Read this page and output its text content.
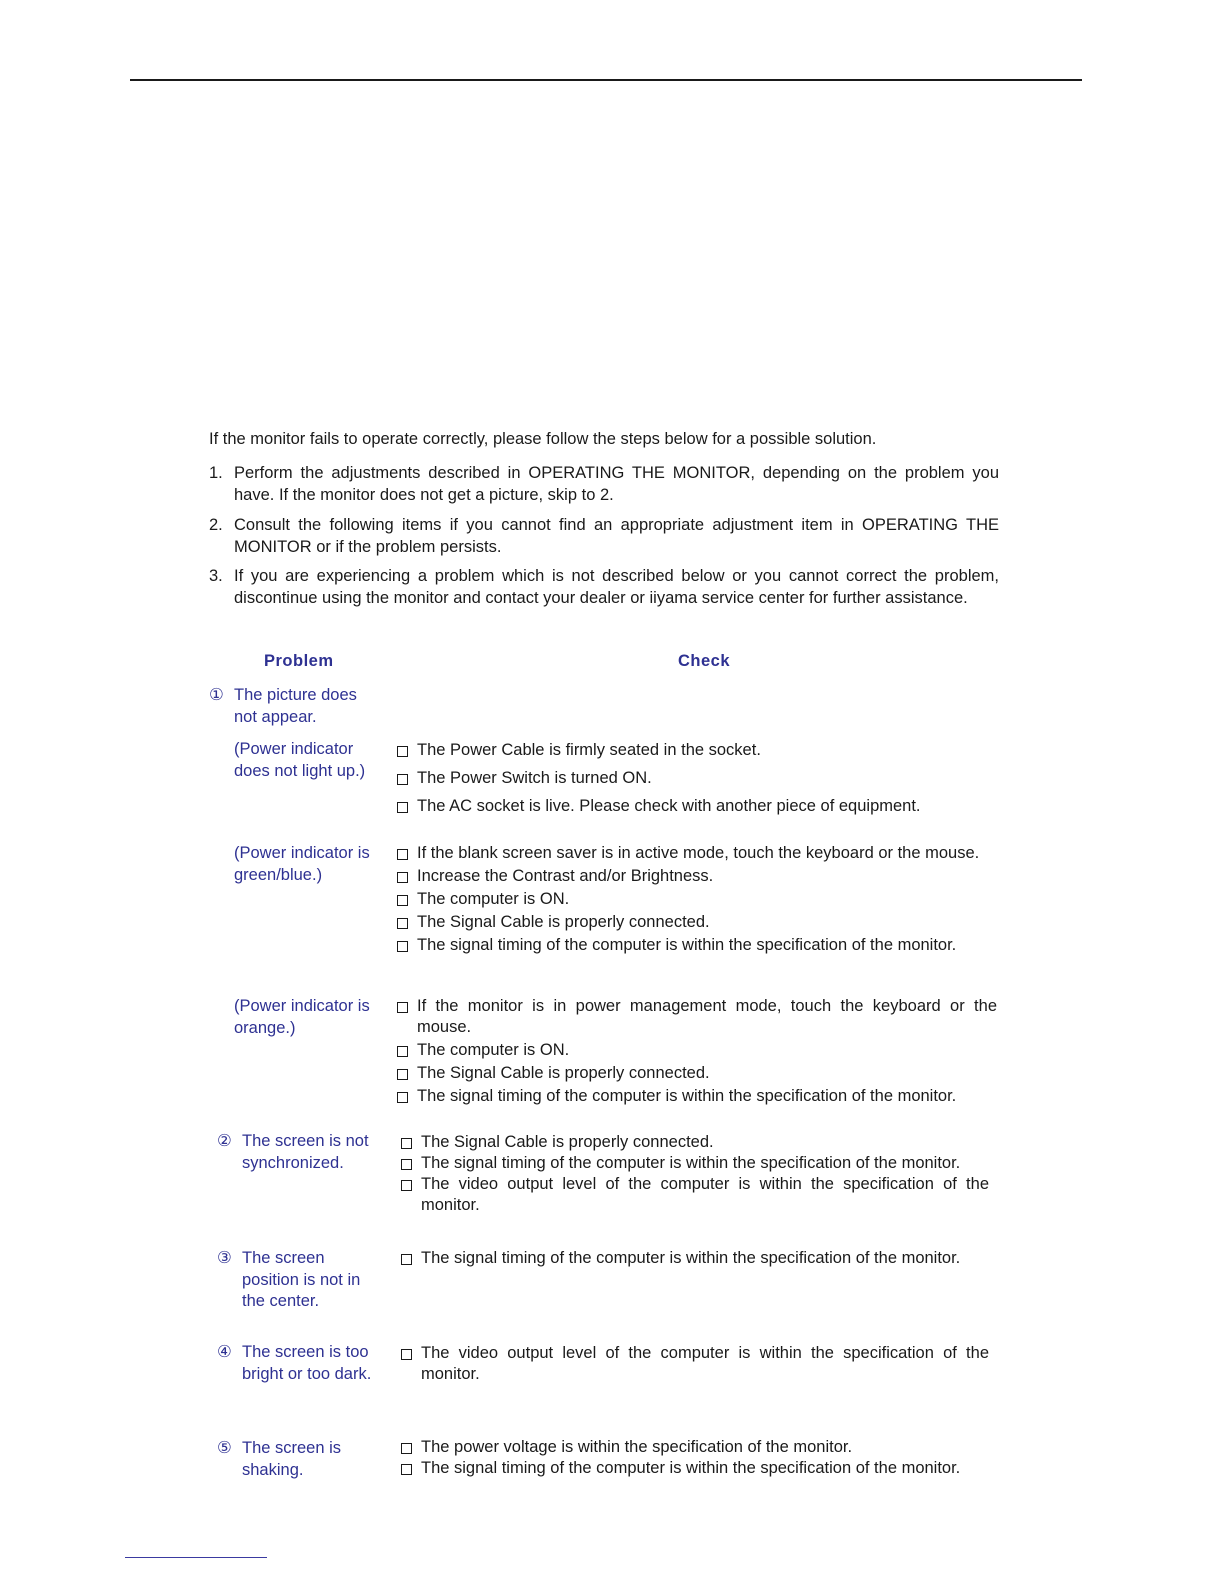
If the monitor fails to operate correctly, please follow the steps below for a possible solution.

1. Perform the adjustments described in OPERATING THE MONITOR, depending on the problem you have. If the monitor does not get a picture, skip to 2.
2. Consult the following items if you cannot find an appropriate adjustment item in OPERATING THE MONITOR or if the problem persists.
3. If you are experiencing a problem which is not described below or you cannot correct the problem, discontinue using the monitor and contact your dealer or iiyama service center for further assistance.
Problem	Check
① The picture does not appear.
(Power indicator does not light up.)
The Power Cable is firmly seated in the socket.
The Power Switch is turned ON.
The AC socket is live. Please check with another piece of equipment.
(Power indicator is green/blue.)
If the blank screen saver is in active mode, touch the keyboard or the mouse.
Increase the Contrast and/or Brightness.
The computer is ON.
The Signal Cable is properly connected.
The signal timing of the computer is within the specification of the monitor.
(Power indicator is orange.)
If the monitor is in power management mode, touch the keyboard or the mouse.
The computer is ON.
The Signal Cable is properly connected.
The signal timing of the computer is within the specification of the monitor.
② The screen is not synchronized.
The Signal Cable is properly connected.
The signal timing of the computer is within the specification of the monitor.
The video output level of the computer is within the specification of the monitor.
③ The screen position is not in the center.
The signal timing of the computer is within the specification of the monitor.
④ The screen is too bright or too dark.
The video output level of the computer is within the specification of the monitor.
⑤ The screen is shaking.
The power voltage is within the specification of the monitor.
The signal timing of the computer is within the specification of the monitor.
